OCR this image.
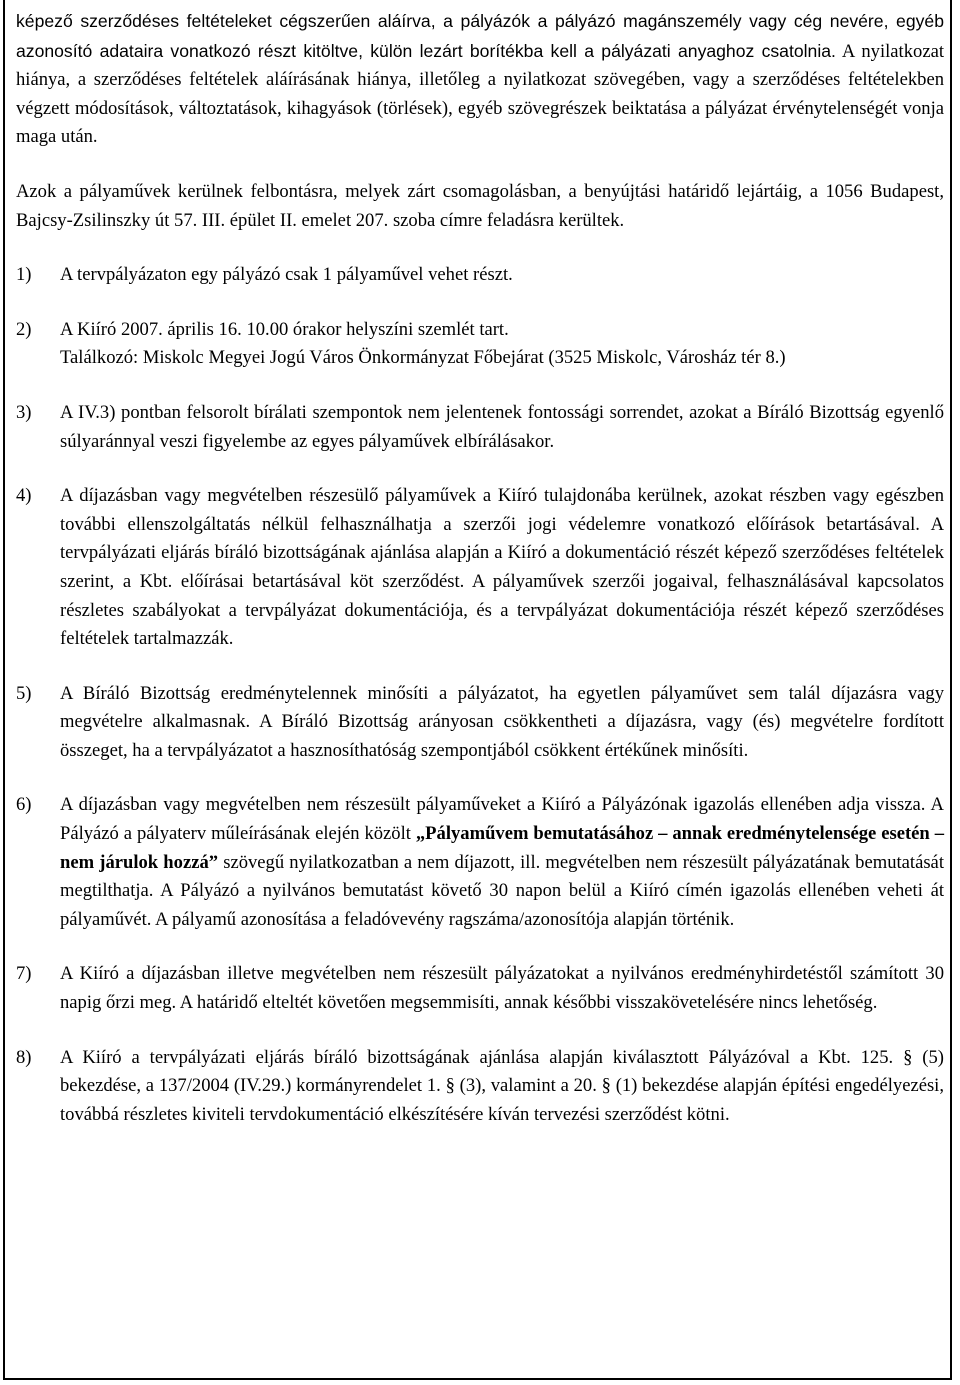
képező szerződéses feltételeket cégszerűen aláírva, a pályázók a pályázó magánszemély vagy cég nevére, egyéb azonosító adataira vonatkozó részt kitöltve, külön lezárt borítékba kell a pályázati anyaghoz csatolnia. A nyilatkozat hiánya, a szerződéses feltételek aláírásának hiánya, illetőleg a nyilatkozat szövegében, vagy a szerződéses feltételekben végzett módosítások, változtatások, kihagyások (törlések), egyéb szövegrészek beiktatása a pályázat érvénytelenségét vonja maga után.

Azok a pályaművek kerülnek felbontásra, melyek zárt csomagolásban, a benyújtási határidő lejártáig, a 1056 Budapest, Bajcsy-Zsilinszky út 57. III. épület II. emelet 207. szoba címre feladásra kerültek.

1)	A tervpályázaton egy pályázó csak 1 pályaművel vehet részt.
2)	A Kiíró 2007. április 16. 10.00 órakor helyszíni szemlét tart.
Találkozó: Miskolc Megyei Jogú Város Önkormányzat Főbejárat (3525 Miskolc, Városház tér 8.)
3)	A IV.3) pontban felsorolt bírálati szempontok nem jelentenek fontossági sorrendet, azokat a Bíráló Bizottság egyenlő súlyaránnyal veszi figyelembe az egyes pályaművek elbírálásakor.
4)	A díjazásban vagy megvételben részesülő pályaművek a Kiíró tulajdonába kerülnek, azokat részben vagy egészben további ellenszolgáltatás nélkül felhasználhatja a szerzői jogi védelemre vonatkozó előírások betartásával. A tervpályázati eljárás bíráló bizottságának ajánlása alapján a Kiíró a dokumentáció részét képező szerződéses feltételek szerint, a Kbt. előírásai betartásával köt szerződést. A pályaművek szerzői jogaival, felhasználásával kapcsolatos részletes szabályokat a tervpályázat dokumentációja, és a tervpályázat dokumentációja részét képező szerződéses feltételek tartalmazzák.
5)	A Bíráló Bizottság eredménytelennek minősíti a pályázatot, ha egyetlen pályaművet sem talál díjazásra vagy megvételre alkalmasnak. A Bíráló Bizottság arányosan csökkentheti a díjazásra, vagy (és) megvételre fordított összeget, ha a tervpályázatot a hasznosíthatóság szempontjából csökkent értékűnek minősíti.
6)	A díjazásban vagy megvételben nem részesült pályaműveket a Kiíró a Pályázónak igazolás ellenében adja vissza. A Pályázó a pályaterv műleírásának elején közölt „Pályaművem bemutatásához – annak eredménytelensége esetén – nem járulok hozzá” szövegű nyilatkozatban a nem díjazott, ill. megvételben nem részesült pályázatának bemutatását megtilthatja. A Pályázó a nyilvános bemutatást követő 30 napon belül a Kiíró címén igazolás ellenében veheti át pályaművét. A pályamű azonosítása a feladóvevény ragszáma/azonosítója alapján történik.
7)	A Kiíró a díjazásban illetve megvételben nem részesült pályázatokat a nyilvános eredményhirdetéstől számított 30 napig őrzi meg. A határidő elteltét követően megsemmisíti, annak későbbi visszakövetelésére nincs lehetőség.
8)	A Kiíró a tervpályázati eljárás bíráló bizottságának ajánlása alapján kiválasztott Pályázóval a Kbt. 125. § (5) bekezdése, a 137/2004 (IV.29.) kormányrendelet 1. § (3), valamint a 20. § (1) bekezdése alapján építési engedélyezési, továbbá részletes kiviteli tervdokumentáció elkészítésére kíván tervezési szerződést kötni.
